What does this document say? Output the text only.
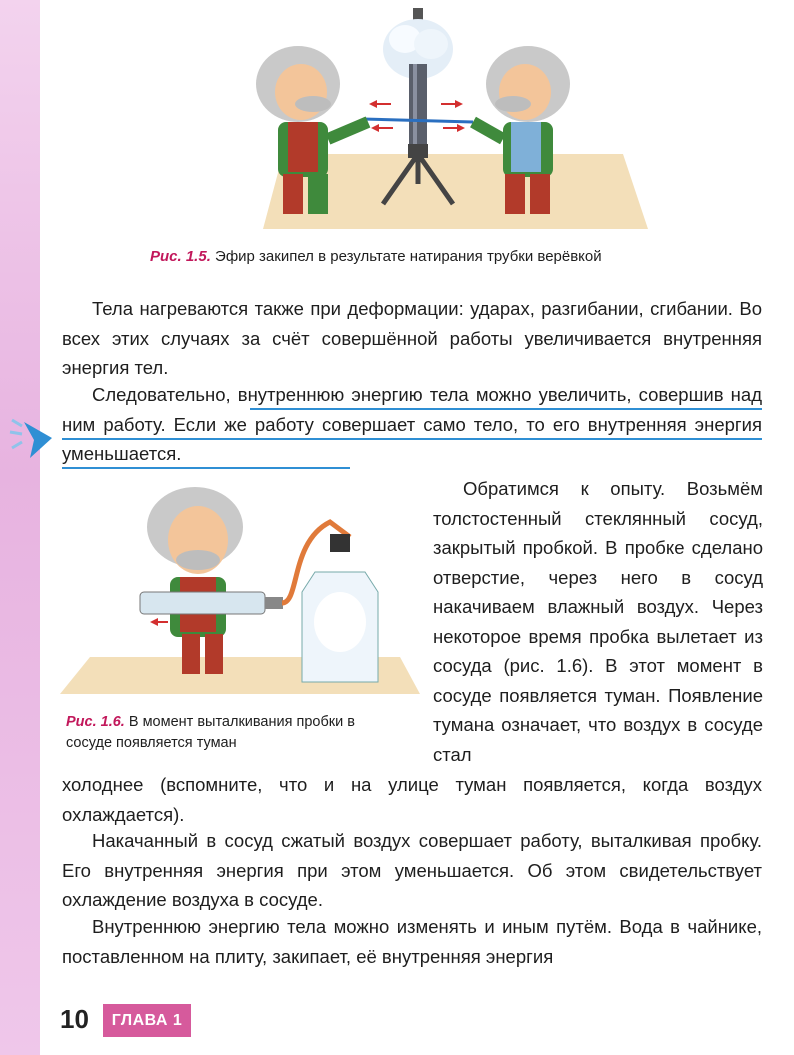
Рис. 1.5. Эфир закипел в результате натирания трубки верёвкой

Тела нагреваются также при деформации: ударах, разгибании, сгибании. Во всех этих случаях за счёт совершённой работы увеличивается внутренняя энергия тел.

Следовательно, внутреннюю энергию тела можно увеличить, совершив над ним работу. Если же работу совершает само тело, то его внутренняя энергия уменьшается.

Рис. 1.6. В момент выталкивания пробки в сосуде появляется туман

Обратимся к опыту. Возьмём толстостенный стеклянный сосуд, закрытый пробкой. В пробке сделано отверстие, через него в сосуд накачиваем влажный воздух. Через некоторое время пробка вылетает из сосуда (рис. 1.6). В этот момент в сосуде появляется туман. Появление тумана означает, что воздух в сосуде стал

холоднее (вспомните, что и на улице туман появляется, когда воздух охлаждается).

Накачанный в сосуд сжатый воздух совершает работу, выталкивая пробку. Его внутренняя энергия при этом уменьшается. Об этом свидетельствует охлаждение воздуха в сосуде.

Внутреннюю энергию тела можно изменять и иным путём. Вода в чайнике, поставленном на плиту, закипает, её внутренняя энергия

10	ГЛАВА 1
